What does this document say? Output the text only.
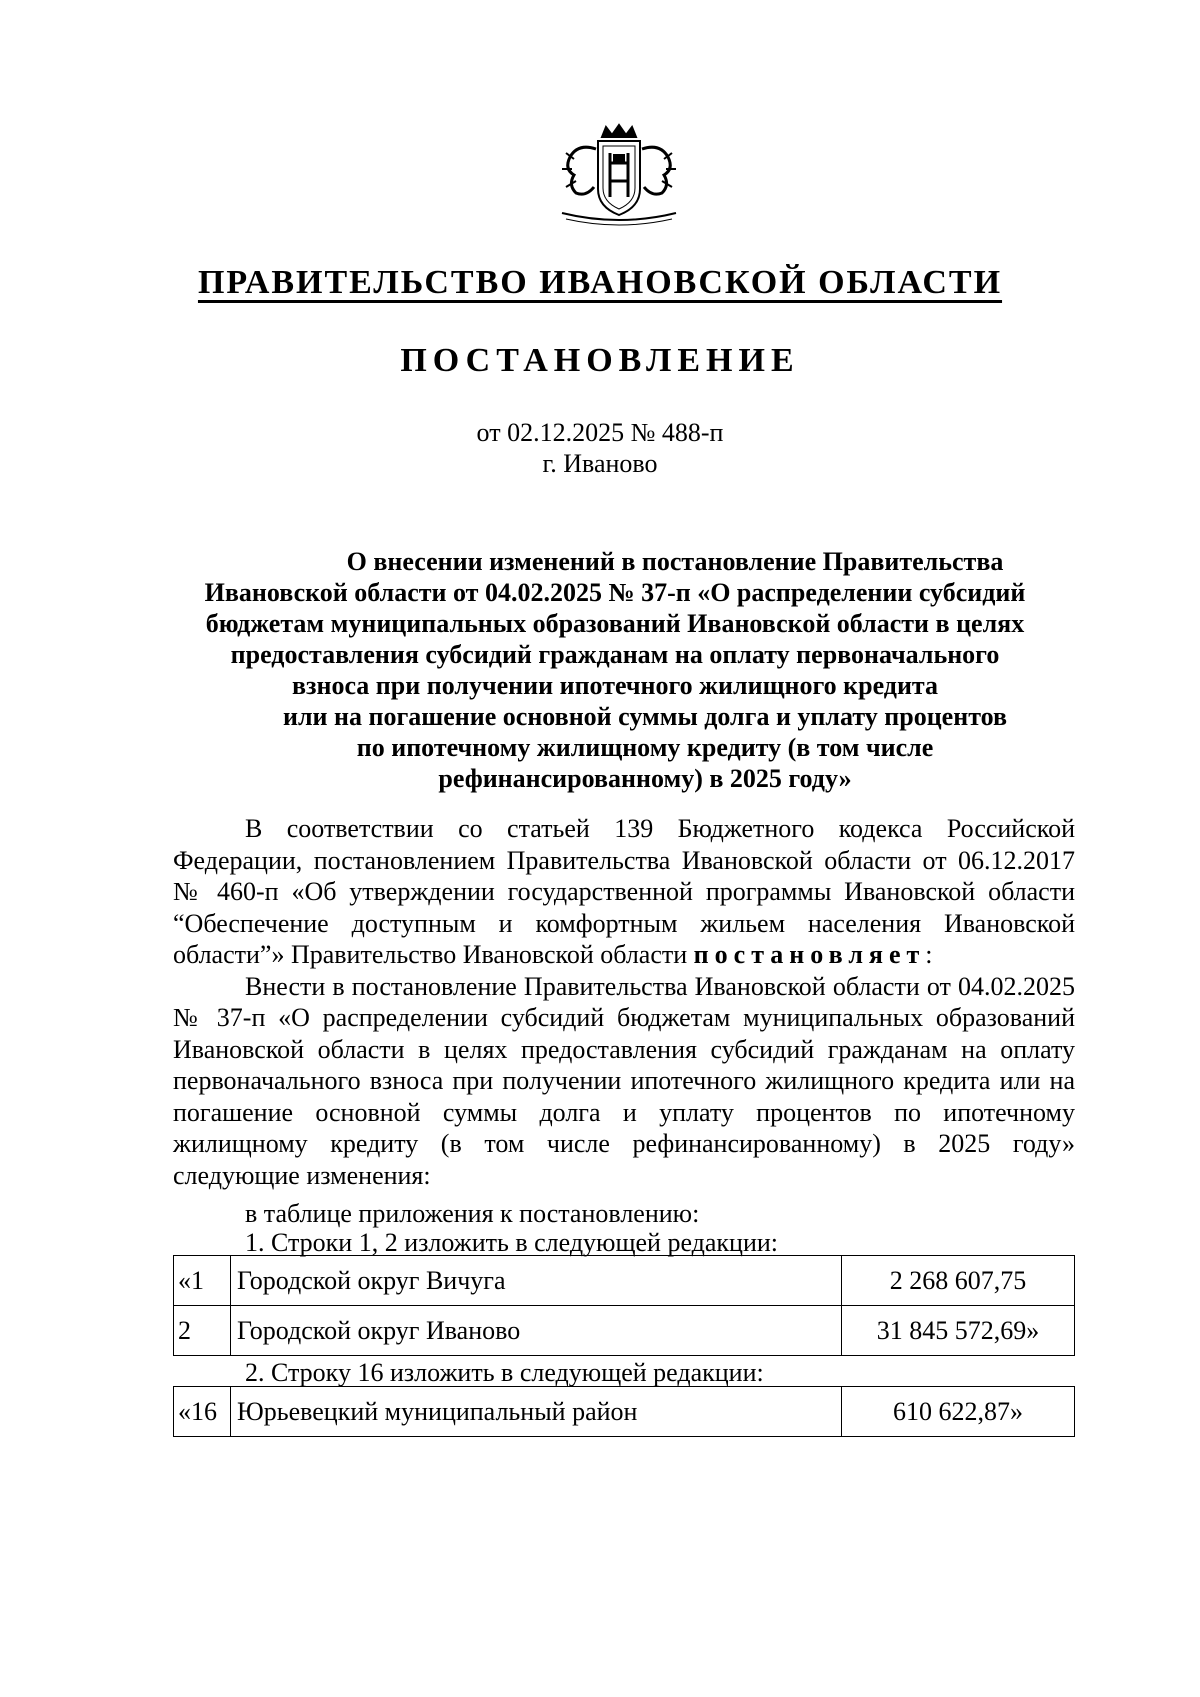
ПРАВИТЕЛЬСТВО ИВАНОВСКОЙ ОБЛАСТИ
ПОСТАНОВЛЕНИЕ
от 02.12.2025 № 488-п
г. Иваново
О внесении изменений в постановление Правительства
Ивановской области от 04.02.2025 № 37-п «О распределении субсидий
бюджетам муниципальных образований Ивановской области в целях
предоставления субсидий гражданам на оплату первоначального
взноса при получении ипотечного жилищного кредита
или на погашение основной суммы долга и уплату процентов
по ипотечному жилищному кредиту (в том числе
рефинансированному) в 2025 году»

В соответствии со статьей 139 Бюджетного кодекса Российской Федерации, постановлением Правительства Ивановской области от 06.12.2017 № 460-п «Об утверждении государственной программы Ивановской области “Обеспечение доступным и комфортным жильем населения Ивановской области”» Правительство Ивановской области постановляет:

Внести в постановление Правительства Ивановской области от 04.02.2025 № 37-п «О распределении субсидий бюджетам муниципальных образований Ивановской области в целях предоставления субсидий гражданам на оплату первоначального взноса при получении ипотечного жилищного кредита или на погашение основной суммы долга и уплату процентов по ипотечному жилищному кредиту (в том числе рефинансированному) в 2025 году» следующие изменения:

в таблице приложения к постановлению:
1. Строки 1, 2 изложить в следующей редакции:
«1	Городской округ Вичуга	2 268 607,75
2	Городской округ Иваново	31 845 572,69»
2. Строку 16 изложить в следующей редакции:
«16	Юрьевецкий муниципальный район	610 622,87»
